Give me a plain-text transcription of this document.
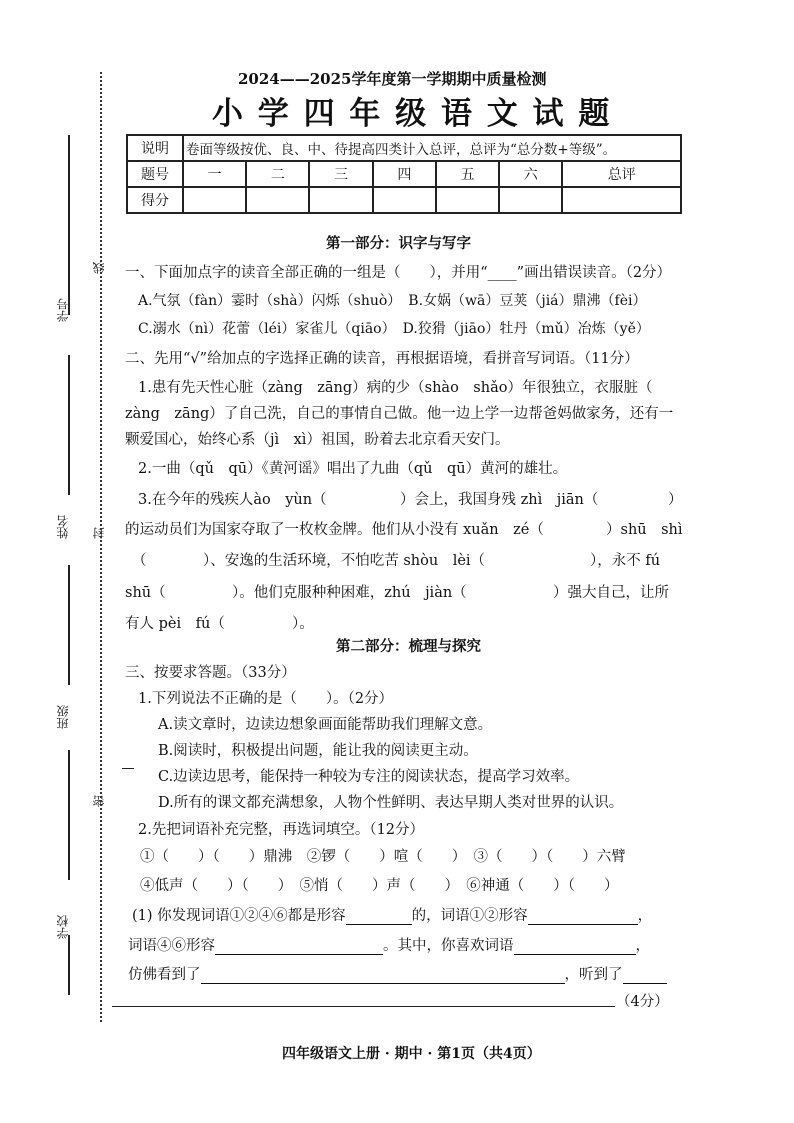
学号
线
姓名 封
班级
密
学校
2024——2025学年度第一学期期中质量检测
小 学 四 年 级 语 文 试 题
说明	卷面等级按优、良、中、待提高四类计入总评，总评为“总分数+等级”。						
题号	一	二	三	四	五	六	总评
得分							
第一部分：识字与写字
一、下面加点字的读音全部正确的一组是（　　），并用“____”画出错误读音。（2分）
A.气氛（fàn）霎时（shà）闪烁（shuò）　B.女娲（wā）豆荚（jiá）鼎沸（fèi）
C.溺水（nì）花蕾（léi）家雀儿（qiāo）　D.狡猾（jiāo）牡丹（mǔ）冶炼（yě）
二、先用“√”给加点的字选择正确的读音，再根据语境，看拼音写词语。（11分）
1.患有先天性心脏（zàng　zāng）病的少（shào　shǎo）年很独立，衣服脏（
zàng　zāng）了自己洗，自己的事情自己做。他一边上学一边帮爸妈做家务，还有一
颗爱国心，始终心系（jì　xì）祖国，盼着去北京看天安门。
2.一曲（qǔ　qū）《黄河谣》唱出了九曲（qǔ　qū）黄河的雄壮。
3.在今年的残疾人ào　yùn（	）会上，我国身残 zhì　jiān（	）
的运动员们为国家夺取了一枚枚金牌。他们从小没有 xuǎn　zé（	）shū　shì
（	）、安逸的生活环境，不怕吃苦 shòu　lèi（	），永不 fú
shū（	）。他们克服种种困难，zhú　jiàn（	）强大自己，让所
有人 pèi　fú（	）。
第二部分：梳理与探究
三、按要求答题。（33分）
1.下列说法不正确的是（　　）。（2分）
A.读文章时，边读边想象画面能帮助我们理解文意。
B.阅读时，积极提出问题，能让我的阅读更主动。
C.边读边思考，能保持一种较为专注的阅读状态，提高学习效率。
D.所有的课文都充满想象，人物个性鲜明、表达早期人类对世界的认识。
2.先把词语补充完整，再选词填空。（12分）
①（　　）（　　）鼎沸　②锣（　　）喧（　　）　③（　　）（　　）六臂
④低声（　　）（　　）　⑤悄（　　）声（　　）　⑥神通（　　）（　　）
(1) 你发现词语①②④⑥都是形容	的，词语①②形容	，
词语④⑥形容	。其中，你喜欢词语	，
仿佛看到了	，听到了
（4分）
四年级语文上册 · 期中 · 第1页（共4页）
